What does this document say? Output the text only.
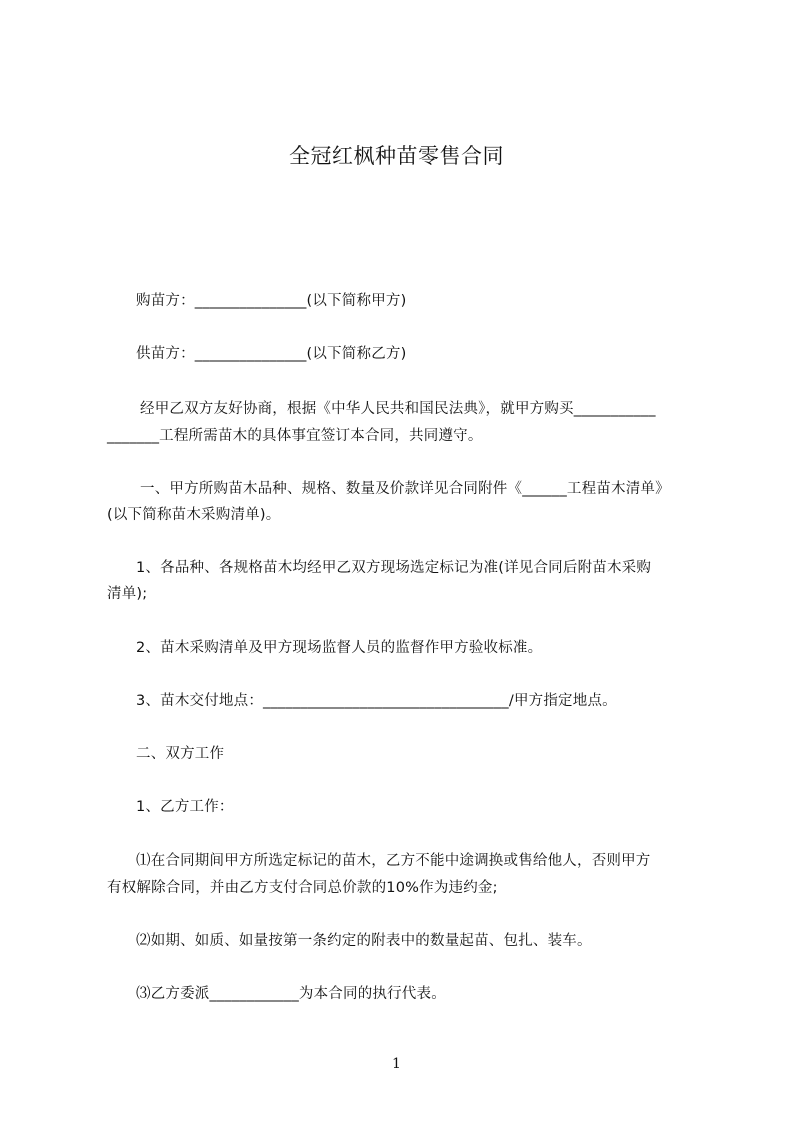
全冠红枫种苗零售合同
购苗方：_______________(以下简称甲方)
供苗方：_______________(以下简称乙方)
经甲乙双方友好协商，根据《中华人民共和国民法典》，就甲方购买___________
_______工程所需苗木的具体事宜签订本合同，共同遵守。
一、甲方所购苗木品种、规格、数量及价款详见合同附件《______工程苗木清单》
(以下简称苗木采购清单)。
1、各品种、各规格苗木均经甲乙双方现场选定标记为准(详见合同后附苗木采购
清单);
2、苗木采购清单及甲方现场监督人员的监督作甲方验收标准。
3、苗木交付地点：_________________________________/甲方指定地点。
二、双方工作
1、乙方工作：
⑴在合同期间甲方所选定标记的苗木，乙方不能中途调换或售给他人，否则甲方
有权解除合同，并由乙方支付合同总价款的10%作为违约金;
⑵如期、如质、如量按第一条约定的附表中的数量起苗、包扎、装车。
⑶乙方委派____________为本合同的执行代表。
1
